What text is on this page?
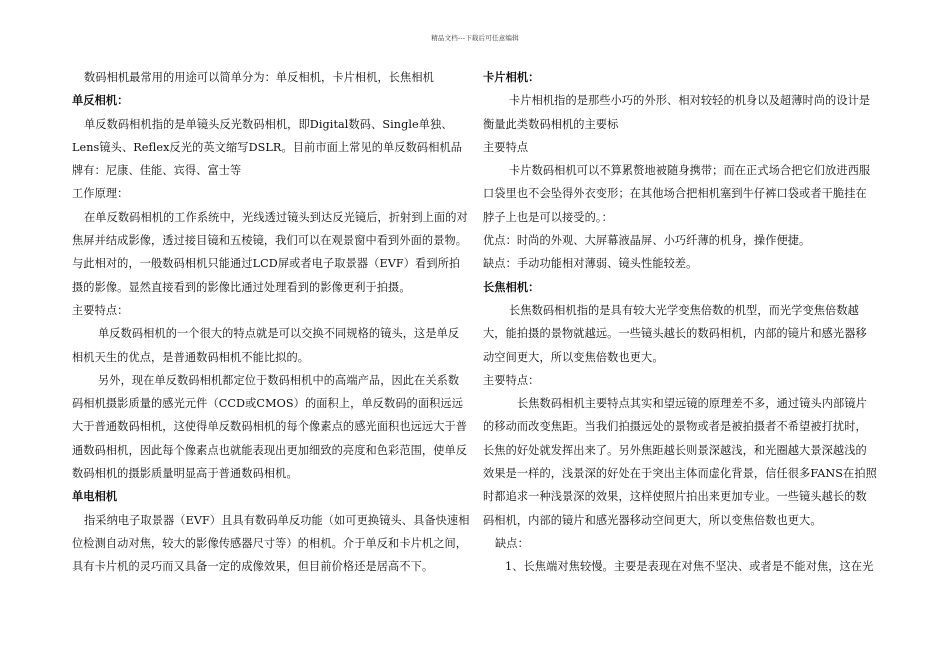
精品文档---下载后可任意编辑

数码相机最常用的用途可以简单分为：单反相机，卡片相机，长焦相机

单反相机：

单反数码相机指的是单镜头反光数码相机，即Digital数码、Single单独、Lens镜头、Reflex反光的英文缩写DSLR。目前市面上常见的单反数码相机品牌有：尼康、佳能、宾得、富士等

工作原理：

在单反数码相机的工作系统中，光线透过镜头到达反光镜后，折射到上面的对焦屏并结成影像，透过接目镜和五棱镜，我们可以在观景窗中看到外面的景物。与此相对的，一般数码相机只能通过LCD屏或者电子取景器（EVF）看到所拍摄的影像。显然直接看到的影像比通过处理看到的影像更利于拍摄。

主要特点：

单反数码相机的一个很大的特点就是可以交换不同规格的镜头，这是单反相机天生的优点，是普通数码相机不能比拟的。

另外，现在单反数码相机都定位于数码相机中的高端产品，因此在关系数码相机摄影质量的感光元件（CCD或CMOS）的面积上，单反数码的面积远远大于普通数码相机，这使得单反数码相机的每个像素点的感光面积也远远大于普通数码相机，因此每个像素点也就能表现出更加细致的亮度和色彩范围，使单反数码相机的摄影质量明显高于普通数码相机。

单电相机

指采纳电子取景器（EVF）且具有数码单反功能（如可更换镜头、具备快速相位检测自动对焦，较大的影像传感器尺寸等）的相机。介于单反和卡片机之间，具有卡片机的灵巧而又具备一定的成像效果，但目前价格还是居高不下。

卡片相机：

卡片相机指的是那些小巧的外形、相对较轻的机身以及超薄时尚的设计是衡量此类数码相机的主要标

主要特点

卡片数码相机可以不算累赘地被随身携带；而在正式场合把它们放进西服口袋里也不会坠得外衣变形；在其他场合把相机塞到牛仔裤口袋或者干脆挂在脖子上也是可以接受的。：

优点：时尚的外观、大屏幕液晶屏、小巧纤薄的机身，操作便捷。

缺点：手动功能相对薄弱、镜头性能较差。

长焦相机：

长焦数码相机指的是具有较大光学变焦倍数的机型，而光学变焦倍数越大，能拍摄的景物就越远。一些镜头越长的数码相机，内部的镜片和感光器移动空间更大，所以变焦倍数也更大。

主要特点：

长焦数码相机主要特点其实和望远镜的原理差不多，通过镜头内部镜片的移动而改变焦距。当我们拍摄远处的景物或者是被拍摄者不希望被打扰时，长焦的好处就发挥出来了。另外焦距越长则景深越浅，和光圈越大景深越浅的效果是一样的，浅景深的好处在于突出主体而虚化背景，信任很多FANS在拍照时都追求一种浅景深的效果，这样使照片拍出来更加专业。一些镜头越长的数码相机，内部的镜片和感光器移动空间更大，所以变焦倍数也更大。

缺点：

1、长焦端对焦较慢。主要是表现在对焦不坚决、或者是不能对焦，这在光
